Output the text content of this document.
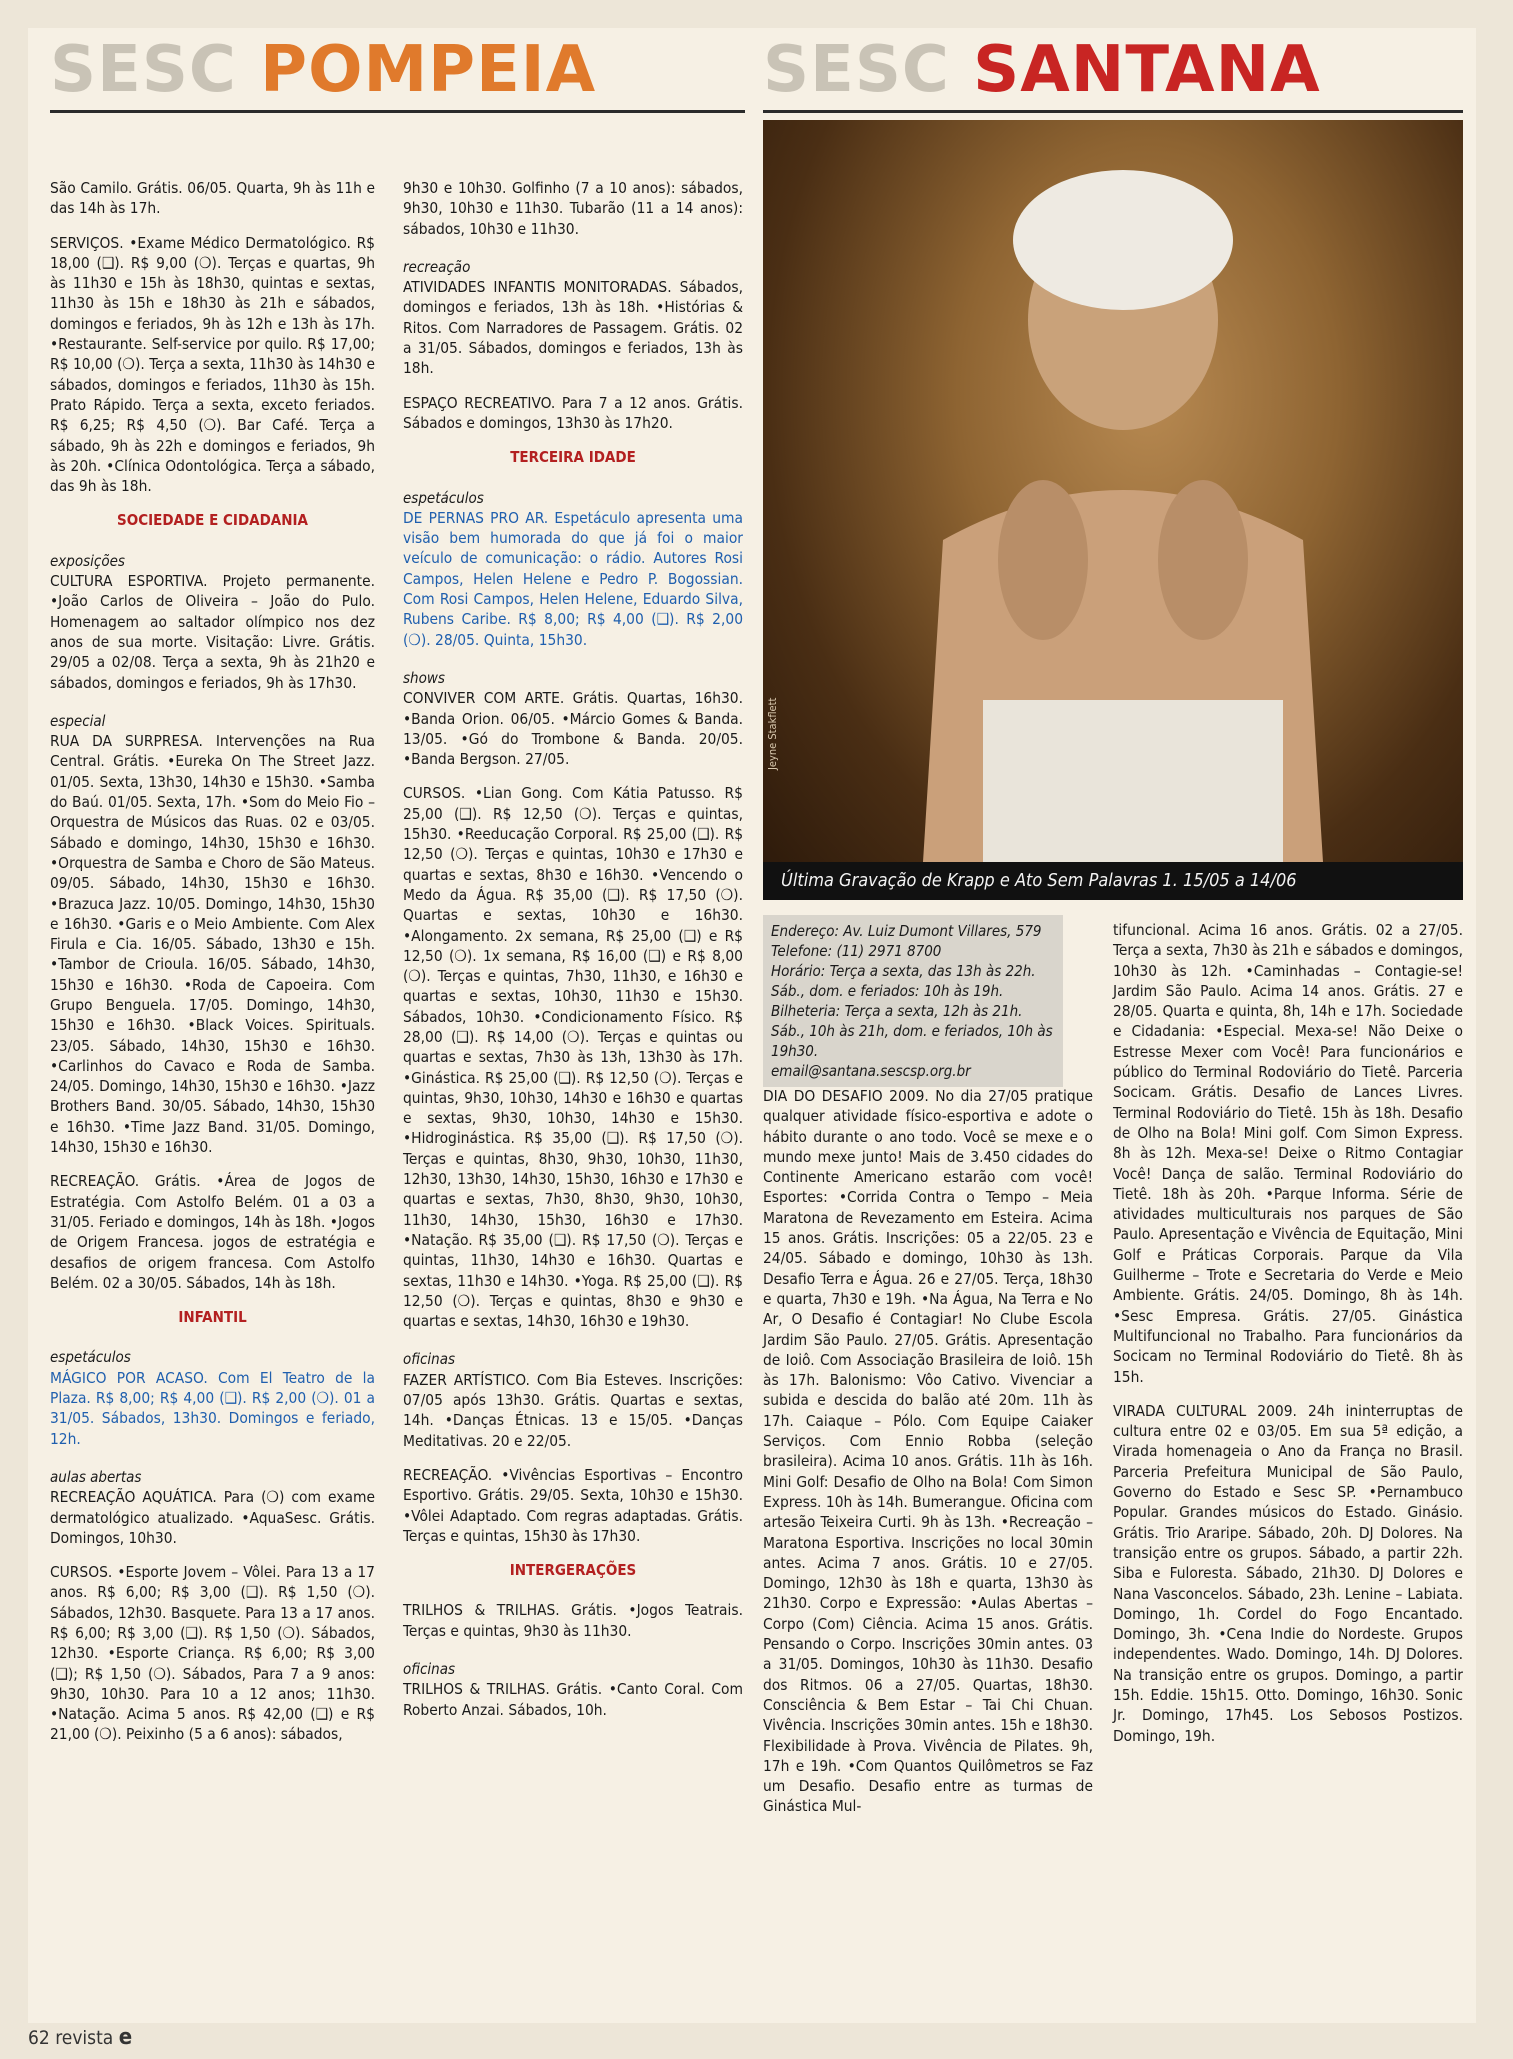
SESC POMPEIA	SESC SANTANA

São Camilo. Grátis. 06/05. Quarta, 9h às 11h e das 14h às 17h.

SERVIÇOS. •Exame Médico Dermatológico. R$ 18,00 (❑). R$ 9,00 (❍). Terças e quartas, 9h às 11h30 e 15h às 18h30, quintas e sextas, 11h30 às 15h e 18h30 às 21h e sábados, domingos e feriados, 9h às 12h e 13h às 17h. •Restaurante. Self-service por quilo. R$ 17,00; R$ 10,00 (❍). Terça a sexta, 11h30 às 14h30 e sábados, domingos e feriados, 11h30 às 15h. Prato Rápido. Terça a sexta, exceto feriados. R$ 6,25; R$ 4,50 (❍). Bar Café. Terça a sábado, 9h às 22h e domingos e feriados, 9h às 20h. •Clínica Odontológica. Terça a sábado, das 9h às 18h.

SOCIEDADE E CIDADANIA
exposições

CULTURA ESPORTIVA. Projeto permanente. •João Carlos de Oliveira – João do Pulo. Homenagem ao saltador olímpico nos dez anos de sua morte. Visitação: Livre. Grátis. 29/05 a 02/08. Terça a sexta, 9h às 21h20 e sábados, domingos e feriados, 9h às 17h30.

especial

RUA DA SURPRESA. Intervenções na Rua Central. Grátis. •Eureka On The Street Jazz. 01/05. Sexta, 13h30, 14h30 e 15h30. •Samba do Baú. 01/05. Sexta, 17h. •Som do Meio Fio – Orquestra de Músicos das Ruas. 02 e 03/05. Sábado e domingo, 14h30, 15h30 e 16h30. •Orquestra de Samba e Choro de São Mateus. 09/05. Sábado, 14h30, 15h30 e 16h30. •Brazuca Jazz. 10/05. Domingo, 14h30, 15h30 e 16h30. •Garis e o Meio Ambiente. Com Alex Firula e Cia. 16/05. Sábado, 13h30 e 15h. •Tambor de Crioula. 16/05. Sábado, 14h30, 15h30 e 16h30. •Roda de Capoeira. Com Grupo Benguela. 17/05. Domingo, 14h30, 15h30 e 16h30. •Black Voices. Spirituals. 23/05. Sábado, 14h30, 15h30 e 16h30. •Carlinhos do Cavaco e Roda de Samba. 24/05. Domingo, 14h30, 15h30 e 16h30. •Jazz Brothers Band. 30/05. Sábado, 14h30, 15h30 e 16h30. •Time Jazz Band. 31/05. Domingo, 14h30, 15h30 e 16h30.

RECREAÇÃO. Grátis. •Área de Jogos de Estratégia. Com Astolfo Belém. 01 a 03 a 31/05. Feriado e domingos, 14h às 18h. •Jogos de Origem Francesa. jogos de estratégia e desafios de origem francesa. Com Astolfo Belém. 02 a 30/05. Sábados, 14h às 18h.

INFANTIL
espetáculos

MÁGICO POR ACASO. Com El Teatro de la Plaza. R$ 8,00; R$ 4,00 (❑). R$ 2,00 (❍). 01 a 31/05. Sábados, 13h30. Domingos e feriado, 12h.

aulas abertas

RECREAÇÃO AQUÁTICA. Para (❍) com exame dermatológico atualizado. •AquaSesc. Grátis. Domingos, 10h30.

CURSOS. •Esporte Jovem – Vôlei. Para 13 a 17 anos. R$ 6,00; R$ 3,00 (❑). R$ 1,50 (❍). Sábados, 12h30. Basquete. Para 13 a 17 anos. R$ 6,00; R$ 3,00 (❑). R$ 1,50 (❍). Sábados, 12h30. •Esporte Criança. R$ 6,00; R$ 3,00 (❑); R$ 1,50 (❍). Sábados, Para 7 a 9 anos: 9h30, 10h30. Para 10 a 12 anos; 11h30. •Natação. Acima 5 anos. R$ 42,00 (❑) e R$ 21,00 (❍). Peixinho (5 a 6 anos): sábados,

9h30 e 10h30. Golfinho (7 a 10 anos): sábados, 9h30, 10h30 e 11h30. Tubarão (11 a 14 anos): sábados, 10h30 e 11h30.

recreação

ATIVIDADES INFANTIS MONITORADAS. Sábados, domingos e feriados, 13h às 18h. •Histórias & Ritos. Com Narradores de Passagem. Grátis. 02 a 31/05. Sábados, domingos e feriados, 13h às 18h.

ESPAÇO RECREATIVO. Para 7 a 12 anos. Grátis. Sábados e domingos, 13h30 às 17h20.

TERCEIRA IDADE
espetáculos

DE PERNAS PRO AR. Espetáculo apresenta uma visão bem humorada do que já foi o maior veículo de comunicação: o rádio. Autores Rosi Campos, Helen Helene e Pedro P. Bogossian. Com Rosi Campos, Helen Helene, Eduardo Silva, Rubens Caribe. R$ 8,00; R$ 4,00 (❑). R$ 2,00 (❍). 28/05. Quinta, 15h30.

shows

CONVIVER COM ARTE. Grátis. Quartas, 16h30. •Banda Orion. 06/05. •Márcio Gomes & Banda. 13/05. •Gó do Trombone & Banda. 20/05. •Banda Bergson. 27/05.

CURSOS. •Lian Gong. Com Kátia Patusso. R$ 25,00 (❑). R$ 12,50 (❍). Terças e quintas, 15h30. •Reeducação Corporal. R$ 25,00 (❑). R$ 12,50 (❍). Terças e quintas, 10h30 e 17h30 e quartas e sextas, 8h30 e 16h30. •Vencendo o Medo da Água. R$ 35,00 (❑). R$ 17,50 (❍). Quartas e sextas, 10h30 e 16h30. •Alongamento. 2x semana, R$ 25,00 (❑) e R$ 12,50 (❍). 1x semana, R$ 16,00 (❑) e R$ 8,00 (❍). Terças e quintas, 7h30, 11h30, e 16h30 e quartas e sextas, 10h30, 11h30 e 15h30. Sábados, 10h30. •Condicionamento Físico. R$ 28,00 (❑). R$ 14,00 (❍). Terças e quintas ou quartas e sextas, 7h30 às 13h, 13h30 às 17h. •Ginástica. R$ 25,00 (❑). R$ 12,50 (❍). Terças e quintas, 9h30, 10h30, 14h30 e 16h30 e quartas e sextas, 9h30, 10h30, 14h30 e 15h30. •Hidroginástica. R$ 35,00 (❑). R$ 17,50 (❍). Terças e quintas, 8h30, 9h30, 10h30, 11h30, 12h30, 13h30, 14h30, 15h30, 16h30 e 17h30 e quartas e sextas, 7h30, 8h30, 9h30, 10h30, 11h30, 14h30, 15h30, 16h30 e 17h30. •Natação. R$ 35,00 (❑). R$ 17,50 (❍). Terças e quintas, 11h30, 14h30 e 16h30. Quartas e sextas, 11h30 e 14h30. •Yoga. R$ 25,00 (❑). R$ 12,50 (❍). Terças e quintas, 8h30 e 9h30 e quartas e sextas, 14h30, 16h30 e 19h30.

oficinas

FAZER ARTÍSTICO. Com Bia Esteves. Inscrições: 07/05 após 13h30. Grátis. Quartas e sextas, 14h. •Danças Étnicas. 13 e 15/05. •Danças Meditativas. 20 e 22/05.

RECREAÇÃO. •Vivências Esportivas – Encontro Esportivo. Grátis. 29/05. Sexta, 10h30 e 15h30. •Vôlei Adaptado. Com regras adaptadas. Grátis. Terças e quintas, 15h30 às 17h30.

INTERGERAÇÕES

TRILHOS & TRILHAS. Grátis. •Jogos Teatrais. Terças e quintas, 9h30 às 11h30.

oficinas

TRILHOS & TRILHAS. Grátis. •Canto Coral. Com Roberto Anzai. Sábados, 10h.

Jeyne Stakflett
Última Gravação de Krapp e Ato Sem Palavras 1. 15/05 a 14/06
Endereço: Av. Luiz Dumont Villares, 579
Telefone: (11) 2971 8700
Horário: Terça a sexta, das 13h às 22h. Sáb., dom. e feriados: 10h às 19h.
Bilheteria: Terça a sexta, 12h às 21h. Sáb., 10h às 21h, dom. e feriados, 10h às 19h30.
email@santana.sescsp.org.br

DIA DO DESAFIO 2009. No dia 27/05 pratique qualquer atividade físico-esportiva e adote o hábito durante o ano todo. Você se mexe e o mundo mexe junto! Mais de 3.450 cidades do Continente Americano estarão com você! Esportes: •Corrida Contra o Tempo – Meia Maratona de Revezamento em Esteira. Acima 15 anos. Grátis. Inscrições: 05 a 22/05. 23 e 24/05. Sábado e domingo, 10h30 às 13h. Desafio Terra e Água. 26 e 27/05. Terça, 18h30 e quarta, 7h30 e 19h. •Na Água, Na Terra e No Ar, O Desafio é Contagiar! No Clube Escola Jardim São Paulo. 27/05. Grátis. Apresentação de Ioiô. Com Associação Brasileira de Ioiô. 15h às 17h. Balonismo: Vôo Cativo. Vivenciar a subida e descida do balão até 20m. 11h às 17h. Caiaque – Pólo. Com Equipe Caiaker Serviços. Com Ennio Robba (seleção brasileira). Acima 10 anos. Grátis. 11h às 16h. Mini Golf: Desafio de Olho na Bola! Com Simon Express. 10h às 14h. Bumerangue. Oficina com artesão Teixeira Curti. 9h às 13h. •Recreação – Maratona Esportiva. Inscrições no local 30min antes. Acima 7 anos. Grátis. 10 e 27/05. Domingo, 12h30 às 18h e quarta, 13h30 às 21h30. Corpo e Expressão: •Aulas Abertas – Corpo (Com) Ciência. Acima 15 anos. Grátis. Pensando o Corpo. Inscrições 30min antes. 03 a 31/05. Domingos, 10h30 às 11h30. Desafio dos Ritmos. 06 a 27/05. Quartas, 18h30. Consciência & Bem Estar – Tai Chi Chuan. Vivência. Inscrições 30min antes. 15h e 18h30. Flexibilidade à Prova. Vivência de Pilates. 9h, 17h e 19h. •Com Quantos Quilômetros se Faz um Desafio. Desafio entre as turmas de Ginástica Mul-

tifuncional. Acima 16 anos. Grátis. 02 a 27/05. Terça a sexta, 7h30 às 21h e sábados e domingos, 10h30 às 12h. •Caminhadas – Contagie-se! Jardim São Paulo. Acima 14 anos. Grátis. 27 e 28/05. Quarta e quinta, 8h, 14h e 17h. Sociedade e Cidadania: •Especial. Mexa-se! Não Deixe o Estresse Mexer com Você! Para funcionários e público do Terminal Rodoviário do Tietê. Parceria Socicam. Grátis. Desafio de Lances Livres. Terminal Rodoviário do Tietê. 15h às 18h. Desafio de Olho na Bola! Mini golf. Com Simon Express. 8h às 12h. Mexa-se! Deixe o Ritmo Contagiar Você! Dança de salão. Terminal Rodoviário do Tietê. 18h às 20h. •Parque Informa. Série de atividades multiculturais nos parques de São Paulo. Apresentação e Vivência de Equitação, Mini Golf e Práticas Corporais. Parque da Vila Guilherme – Trote e Secretaria do Verde e Meio Ambiente. Grátis. 24/05. Domingo, 8h às 14h. •Sesc Empresa. Grátis. 27/05. Ginástica Multifuncional no Trabalho. Para funcionários da Socicam no Terminal Rodoviário do Tietê. 8h às 15h.

VIRADA CULTURAL 2009. 24h ininterruptas de cultura entre 02 e 03/05. Em sua 5ª edição, a Virada homenageia o Ano da França no Brasil. Parceria Prefeitura Municipal de São Paulo, Governo do Estado e Sesc SP. •Pernambuco Popular. Grandes músicos do Estado. Ginásio. Grátis. Trio Araripe. Sábado, 20h. DJ Dolores. Na transição entre os grupos. Sábado, a partir 22h. Siba e Fuloresta. Sábado, 21h30. DJ Dolores e Nana Vasconcelos. Sábado, 23h. Lenine – Labiata. Domingo, 1h. Cordel do Fogo Encantado. Domingo, 3h. •Cena Indie do Nordeste. Grupos independentes. Wado. Domingo, 14h. DJ Dolores. Na transição entre os grupos. Domingo, a partir 15h. Eddie. 15h15. Otto. Domingo, 16h30. Sonic Jr. Domingo, 17h45. Los Sebosos Postizos. Domingo, 19h.

62 revista e
